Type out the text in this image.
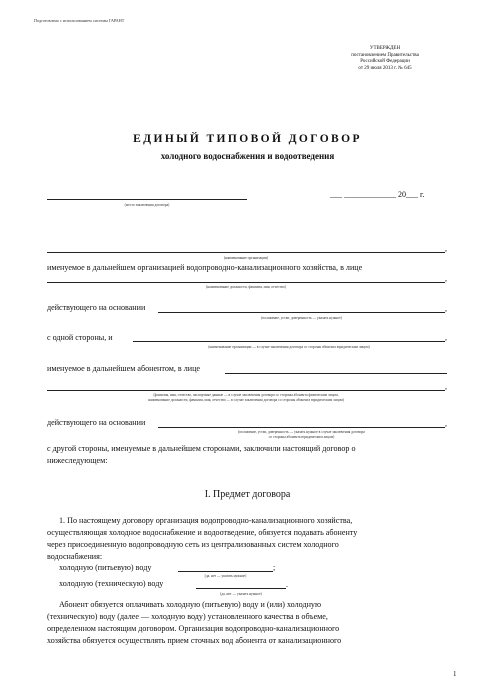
Подготовлено с использованием системы ГАРАНТ
УТВЕРЖДЕН
постановлением Правительства
Российской Федерации
от 29 июля 2013 г. № 645
ЕДИНЫЙ ТИПОВОЙ ДОГОВОР
холодного водоснабжения и водоотведения
(место заключения договора)
___ _____________ 20___ г.
,
(наименование организации)
именуемое в дальнейшем организацией водопроводно-канализационного хозяйства, в лице
,
(наименование должности, фамилия, имя, отчество)
действующего на основании	,
(положение, устав, доверенность — указать нужное)
с одной стороны, и	,
(наименование организации — в случае заключения договора со стороны абонента юридическим лицом)
именуемое в дальнейшем абонентом, в лице
,
(фамилия, имя, отчество, паспортные данные — в случае заключения договора со стороны абонента физическим лицом,
наименование должности, фамилия, имя, отчество — в случае заключения договора со стороны абонента юридическим лицом)
действующего на основании	,
(положение, устав, доверенность — указать нужное в случае заключения договора
со стороны абонента юридическим лицом)
с другой стороны, именуемые в дальнейшем сторонами, заключили настоящий договор о
нижеследующем:
I. Предмет договора
1. По настоящему договору организация водопроводно-канализационного хозяйства,
осуществляющая холодное водоснабжение и водоотведение, обязуется подавать абоненту
через присоединенную водопроводную сеть из централизованных систем холодного
водоснабжения:
холодную (питьевую) воду	;
(да, нет — указать нужное)
холодную (техническую) воду	.
(да, нет — указать нужное)
Абонент обязуется оплачивать холодную (питьевую) воду и (или) холодную
(техническую) воду (далее — холодную воду) установленного качества в объеме,
определенном настоящим договором. Организация водопроводно-канализационного
хозяйства обязуется осуществлять прием сточных вод абонента от канализационного
1
